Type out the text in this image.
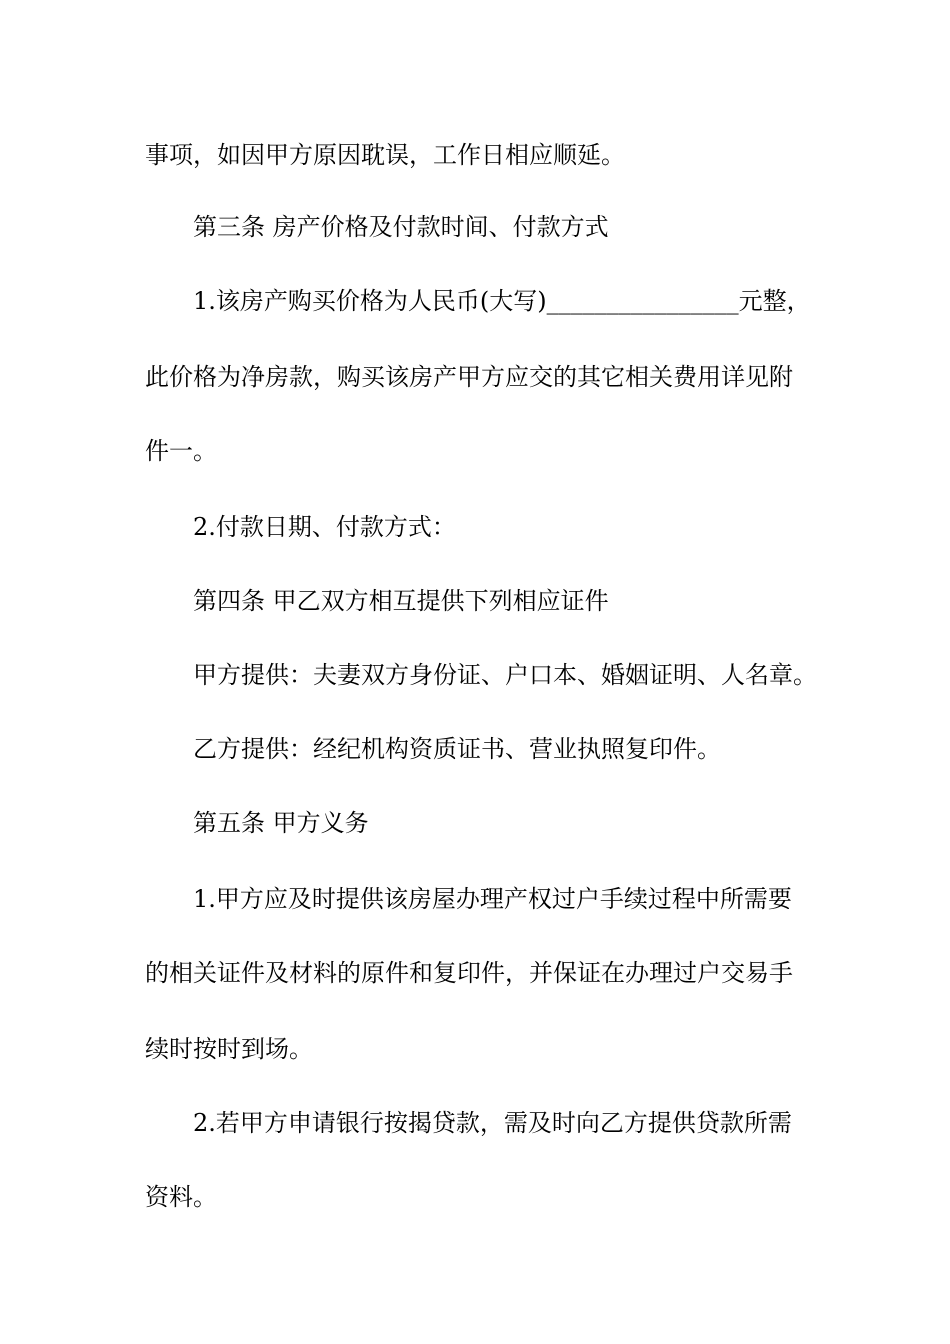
事项，如因甲方原因耽误，工作日相应顺延。
第三条 房产价格及付款时间、付款方式
1.该房产购买价格为人民币(大写)________________元整，
此价格为净房款，购买该房产甲方应交的其它相关费用详见附
件一。
2.付款日期、付款方式：
第四条 甲乙双方相互提供下列相应证件
甲方提供：夫妻双方身份证、户口本、婚姻证明、人名章。
乙方提供：经纪机构资质证书、营业执照复印件。
第五条 甲方义务
1.甲方应及时提供该房屋办理产权过户手续过程中所需要
的相关证件及材料的原件和复印件，并保证在办理过户交易手
续时按时到场。
2.若甲方申请银行按揭贷款，需及时向乙方提供贷款所需
资料。
